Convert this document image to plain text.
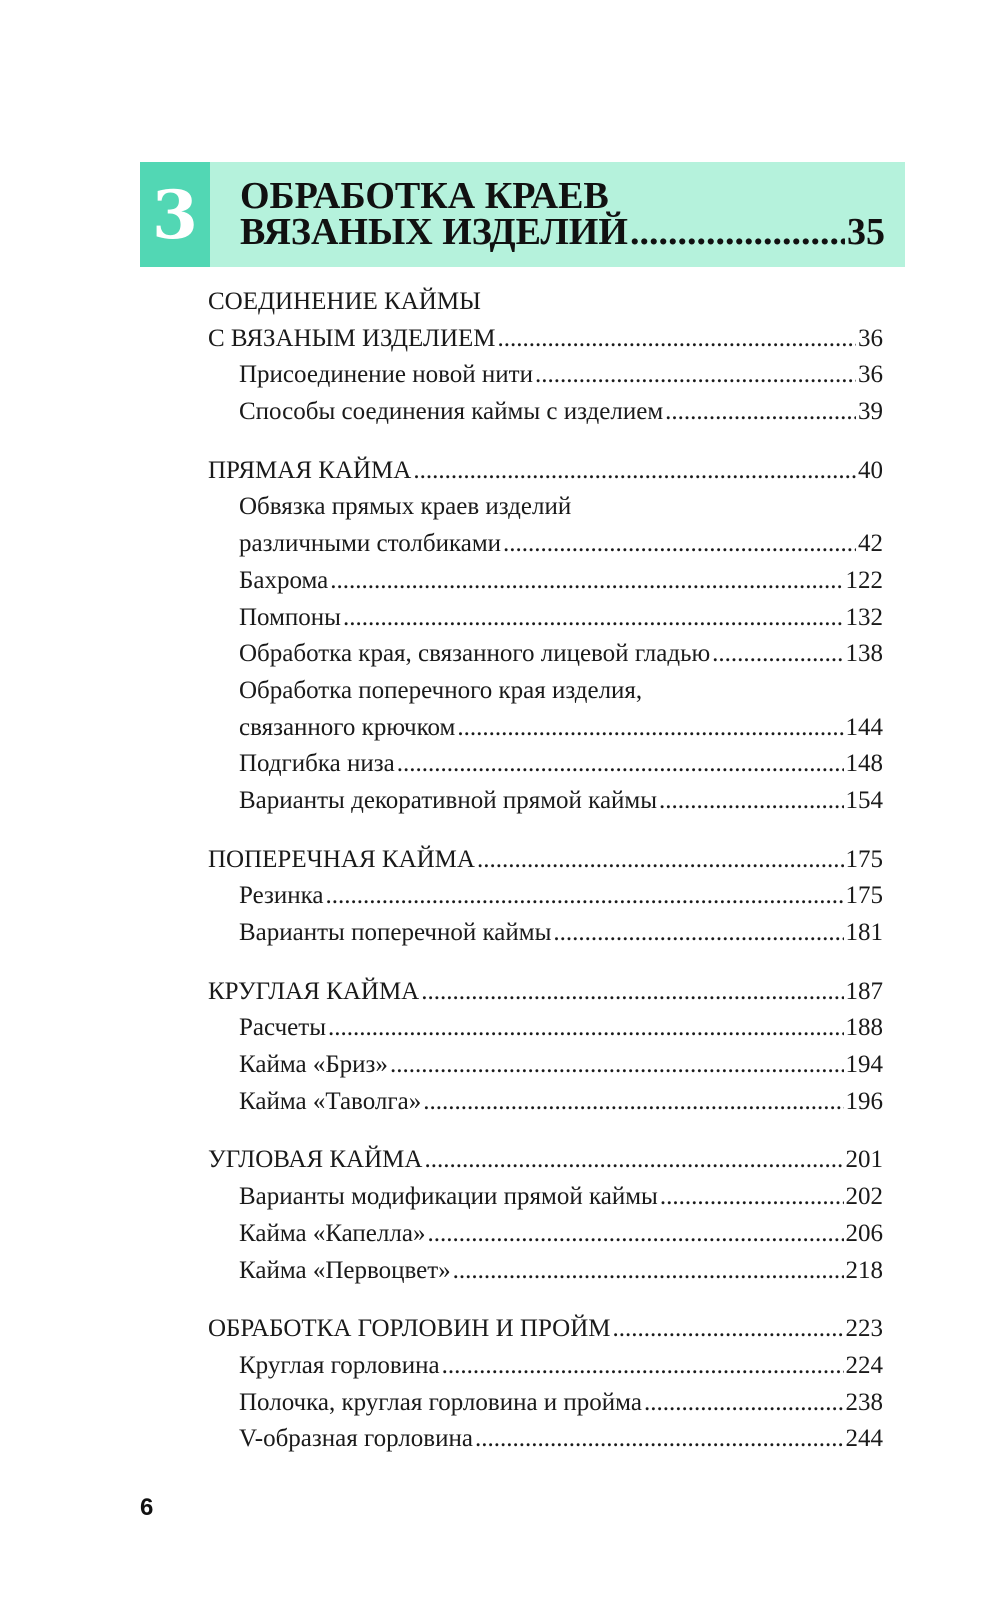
3 ОБРАБОТКА КРАЕВ
ВЯЗАНЫХ ИЗДЕЛИЙ .....	35
СОЕДИНЕНИЕ КАЙМЫ
С ВЯЗАНЫМ ИЗДЕЛИЕМ .....	36
Присоединение новой нити .....	36
Способы соединения каймы с изделием .....	39
ПРЯМАЯ КАЙМА .....	40
Обвязка прямых краев изделий
различными столбиками .....	42
Бахрома .....	122
Помпоны .....	132
Обработка края, связанного лицевой гладью .....	138
Обработка поперечного края изделия,
связанного крючком .....	144
Подгибка низа .....	148
Варианты декоративной прямой каймы .....	154
ПОПЕРЕЧНАЯ КАЙМА .....	175
Резинка .....	175
Варианты поперечной каймы .....	181
КРУГЛАЯ КАЙМА .....	187
Расчеты .....	188
Кайма «Бриз» .....	194
Кайма «Таволга» .....	196
УГЛОВАЯ КАЙМА .....	201
Варианты модификации прямой каймы .....	202
Кайма «Капелла» .....	206
Кайма «Первоцвет» .....	218
ОБРАБОТКА ГОРЛОВИН И ПРОЙМ .....	223
Круглая горловина .....	224
Полочка, круглая горловина и пройма .....	238
V-образная горловина .....	244
6
